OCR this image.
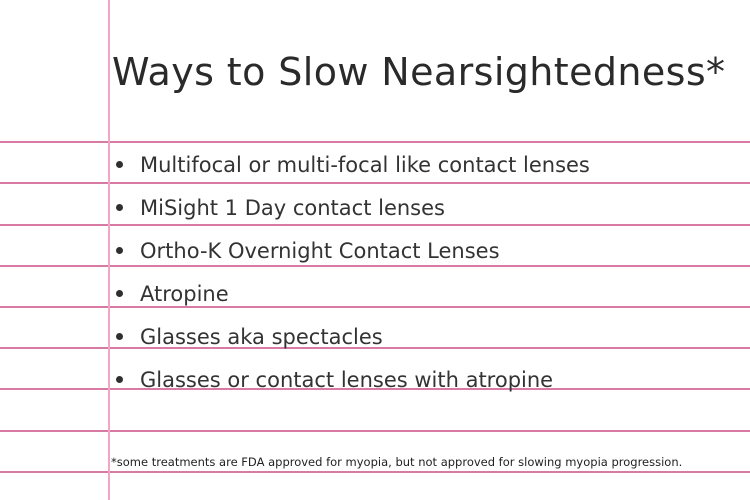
Ways to Slow Nearsightedness*
Multifocal or multi-focal like contact lenses
MiSight 1 Day contact lenses
Ortho-K Overnight Contact Lenses
Atropine
Glasses aka spectacles
Glasses or contact lenses with atropine
*some treatments are FDA approved for myopia, but not approved for slowing myopia progression.
